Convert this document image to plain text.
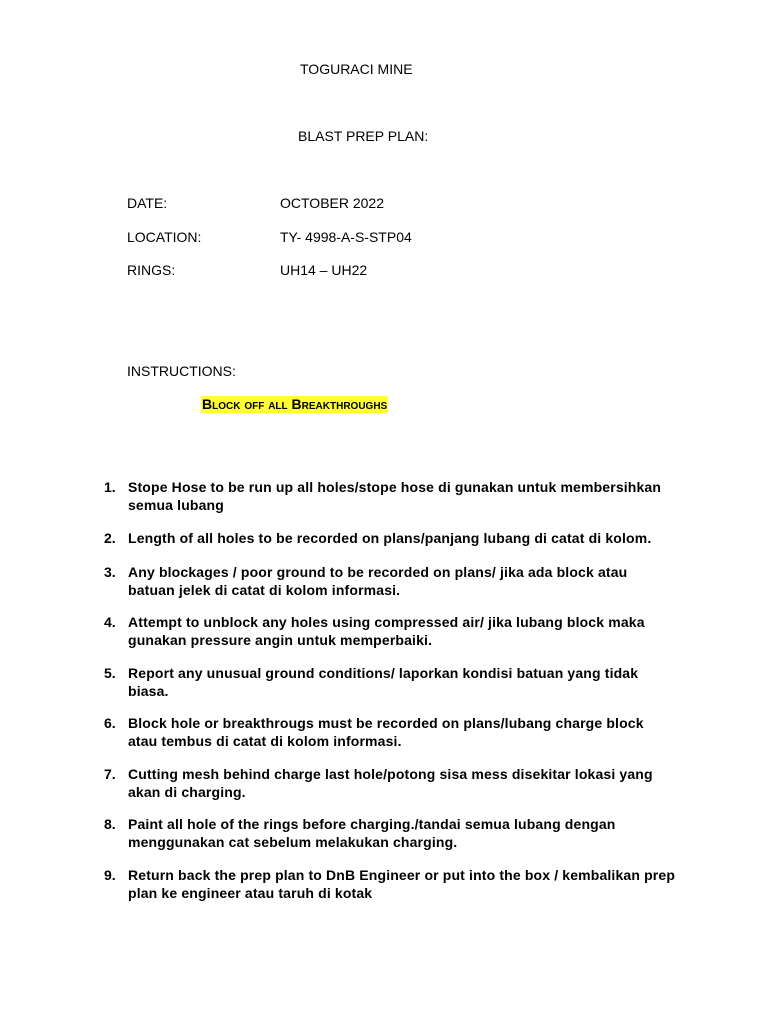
TOGURACI MINE
BLAST PREP PLAN:
DATE:	OCTOBER 2022
LOCATION:	TY- 4998-A-S-STP04
RINGS:	UH14 – UH22
INSTRUCTIONS:
Block off all Breakthroughs
1. Stope Hose to be run up all holes/stope hose di gunakan untuk membersihkan
semua lubang
2. Length of all holes to be recorded on plans/panjang lubang di catat di kolom.
3. Any blockages / poor ground to be recorded on plans/ jika ada block atau
batuan jelek di catat di kolom informasi.
4. Attempt to unblock any holes using compressed air/ jika lubang block maka
gunakan pressure angin untuk memperbaiki.
5. Report any unusual ground conditions/ laporkan kondisi batuan yang tidak
biasa.
6. Block hole or breakthrougs must be recorded on plans/lubang charge block
atau tembus di catat di kolom informasi.
7. Cutting mesh behind charge last hole/potong sisa mess disekitar lokasi yang
akan di charging.
8. Paint all hole of the rings before charging./tandai semua lubang dengan
menggunakan cat sebelum melakukan charging.
9. Return back the prep plan to DnB Engineer or put into the box / kembalikan prep
plan ke engineer atau taruh di kotak
